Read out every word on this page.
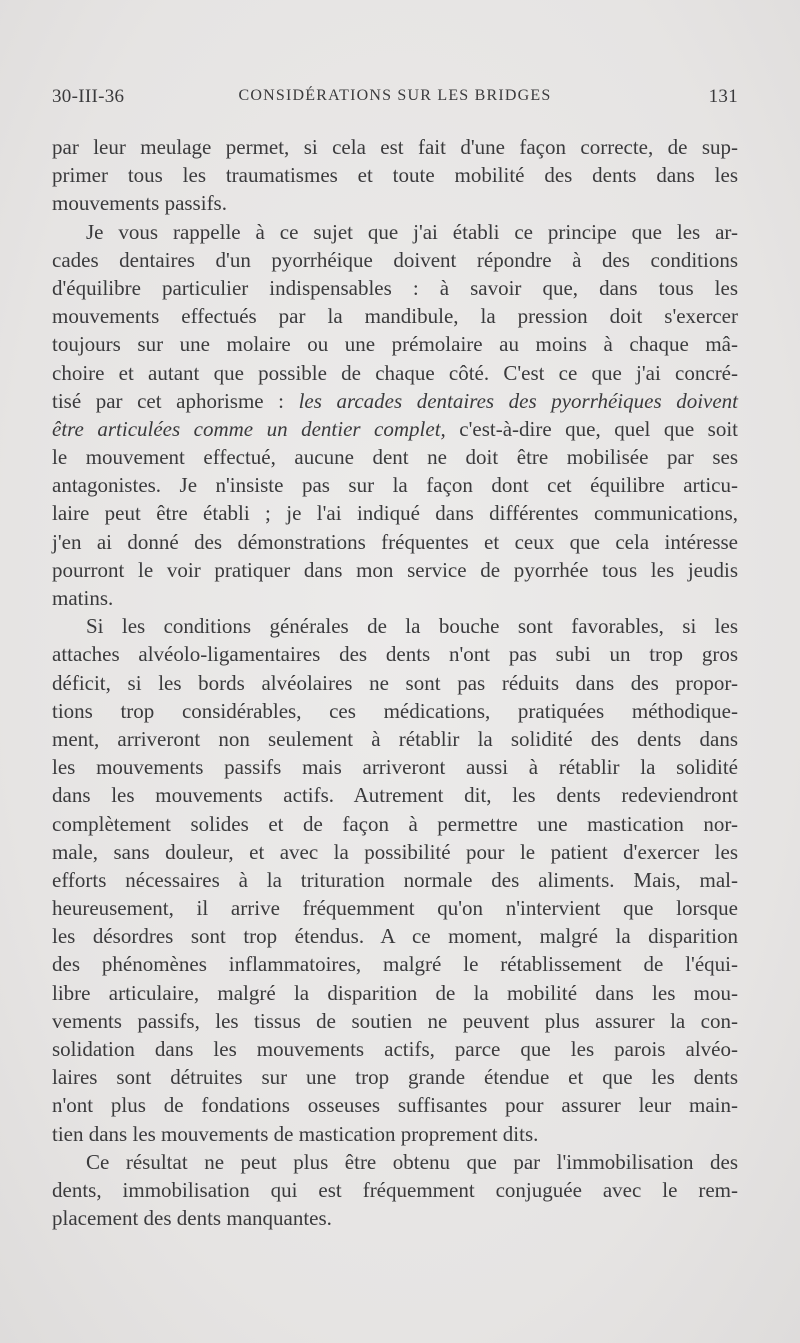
30-III-36	CONSIDÉRATIONS SUR LES BRIDGES	131
par leur meulage permet, si cela est fait d'une façon correcte, de sup-
primer tous les traumatismes et toute mobilité des dents dans les
mouvements passifs.
Je vous rappelle à ce sujet que j'ai établi ce principe que les ar-
cades dentaires d'un pyorrhéique doivent répondre à des conditions
d'équilibre particulier indispensables : à savoir que, dans tous les
mouvements effectués par la mandibule, la pression doit s'exercer
toujours sur une molaire ou une prémolaire au moins à chaque mâ-
choire et autant que possible de chaque côté. C'est ce que j'ai concré-
tisé par cet aphorisme : les arcades dentaires des pyorrhéiques doivent
être articulées comme un dentier complet, c'est-à-dire que, quel que soit
le mouvement effectué, aucune dent ne doit être mobilisée par ses
antagonistes. Je n'insiste pas sur la façon dont cet équilibre articu-
laire peut être établi ; je l'ai indiqué dans différentes communications,
j'en ai donné des démonstrations fréquentes et ceux que cela intéresse
pourront le voir pratiquer dans mon service de pyorrhée tous les jeudis
matins.
Si les conditions générales de la bouche sont favorables, si les
attaches alvéolo-ligamentaires des dents n'ont pas subi un trop gros
déficit, si les bords alvéolaires ne sont pas réduits dans des propor-
tions trop considérables, ces médications, pratiquées méthodique-
ment, arriveront non seulement à rétablir la solidité des dents dans
les mouvements passifs mais arriveront aussi à rétablir la solidité
dans les mouvements actifs. Autrement dit, les dents redeviendront
complètement solides et de façon à permettre une mastication nor-
male, sans douleur, et avec la possibilité pour le patient d'exercer les
efforts nécessaires à la trituration normale des aliments. Mais, mal-
heureusement, il arrive fréquemment qu'on n'intervient que lorsque
les désordres sont trop étendus. A ce moment, malgré la disparition
des phénomènes inflammatoires, malgré le rétablissement de l'équi-
libre articulaire, malgré la disparition de la mobilité dans les mou-
vements passifs, les tissus de soutien ne peuvent plus assurer la con-
solidation dans les mouvements actifs, parce que les parois alvéo-
laires sont détruites sur une trop grande étendue et que les dents
n'ont plus de fondations osseuses suffisantes pour assurer leur main-
tien dans les mouvements de mastication proprement dits.
Ce résultat ne peut plus être obtenu que par l'immobilisation des
dents, immobilisation qui est fréquemment conjuguée avec le rem-
placement des dents manquantes.
